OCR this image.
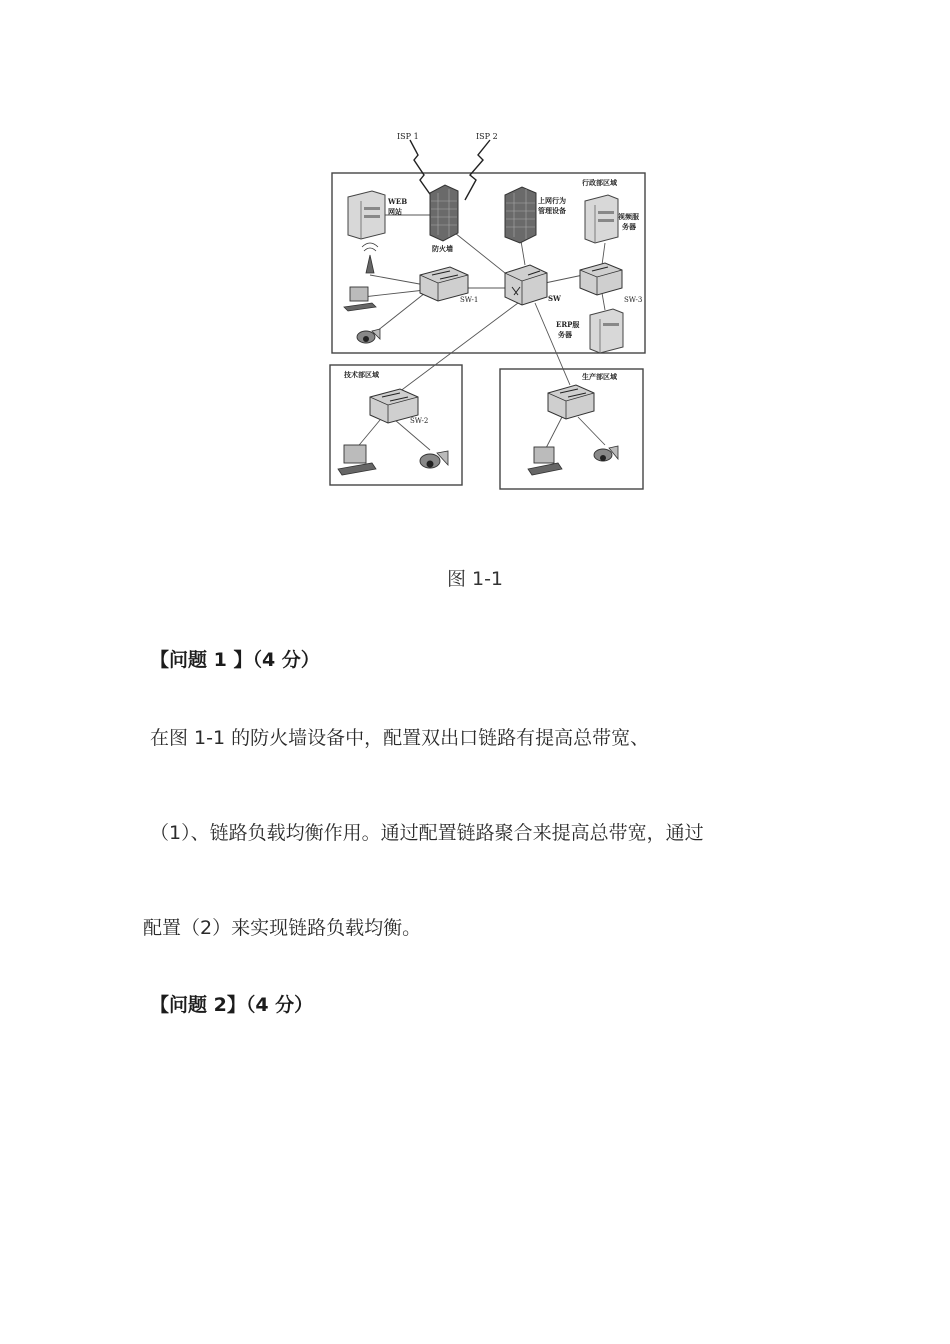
ISP 1	ISP 2
WEB
网站
防火墙
上网行为
管理设备
行政部区域
视频服
务器
SW-1	SW	SW-3
ERP服
务器
技术部区域
SW-2
生产部区域
图 1-1
【问题 1 】（4 分）
在图 1-1 的防火墙设备中，配置双出口链路有提高总带宽、
（1）、链路负载均衡作用。通过配置链路聚合来提高总带宽，通过
配置（2）来实现链路负载均衡。
【问题 2】（4 分）
